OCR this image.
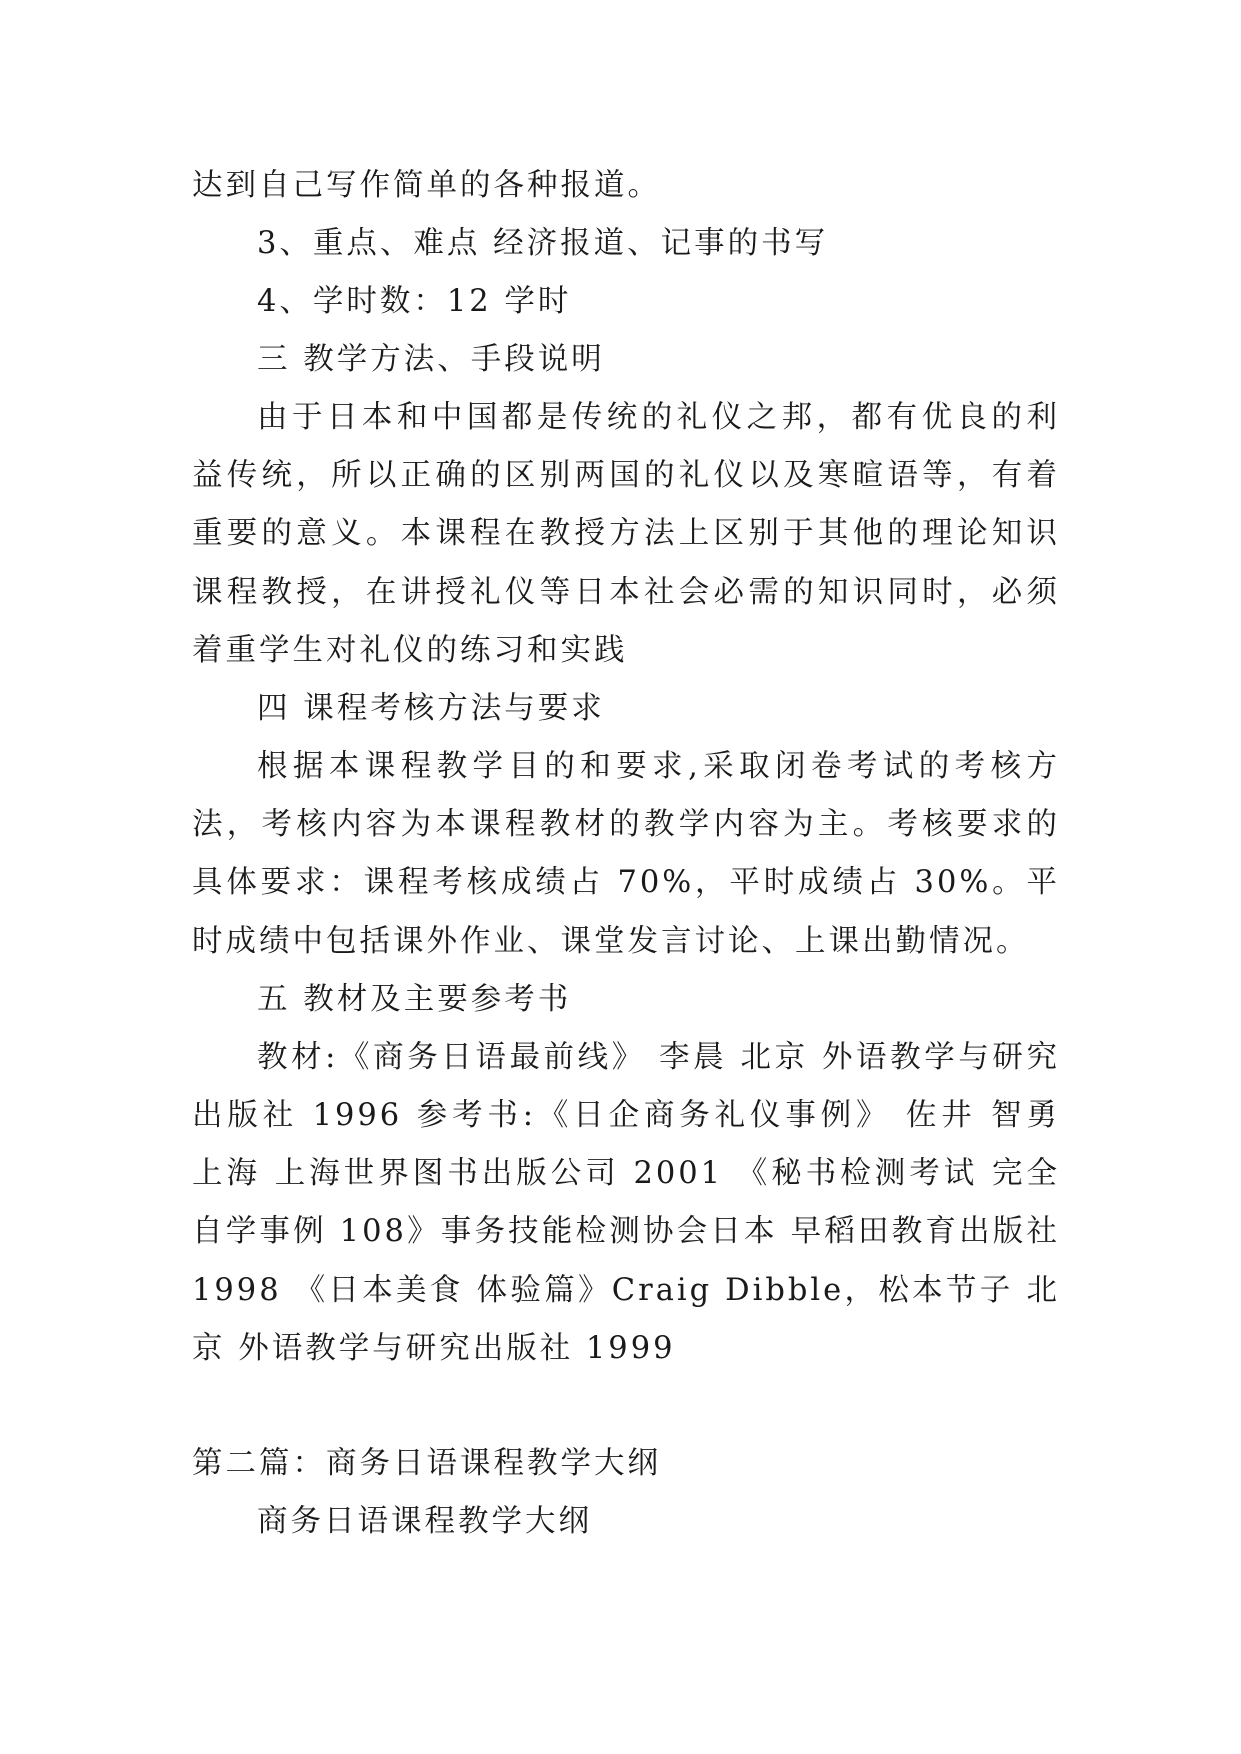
达到自己写作简单的各种报道。

3、重点、难点 经济报道、记事的书写

4、学时数：12 学时

三 教学方法、手段说明

由于日本和中国都是传统的礼仪之邦，都有优良的利益传统，所以正确的区别两国的礼仪以及寒暄语等，有着重要的意义。本课程在教授方法上区别于其他的理论知识课程教授，在讲授礼仪等日本社会必需的知识同时，必须着重学生对礼仪的练习和实践

四 课程考核方法与要求

根据本课程教学目的和要求,采取闭卷考试的考核方法，考核内容为本课程教材的教学内容为主。考核要求的具体要求：课程考核成绩占 70%，平时成绩占 30%。平时成绩中包括课外作业、课堂发言讨论、上课出勤情况。

五 教材及主要参考书

教材:《商务日语最前线》 李晨 北京 外语教学与研究出版社 1996 参考书:《日企商务礼仪事例》 佐井 智勇 上海 上海世界图书出版公司 2001 《秘书检测考试 完全自学事例 108》事务技能检测协会日本 早稻田教育出版社 1998 《日本美食 体验篇》Craig Dibble，松本节子 北京 外语教学与研究出版社 1999

第二篇：商务日语课程教学大纲

商务日语课程教学大纲
